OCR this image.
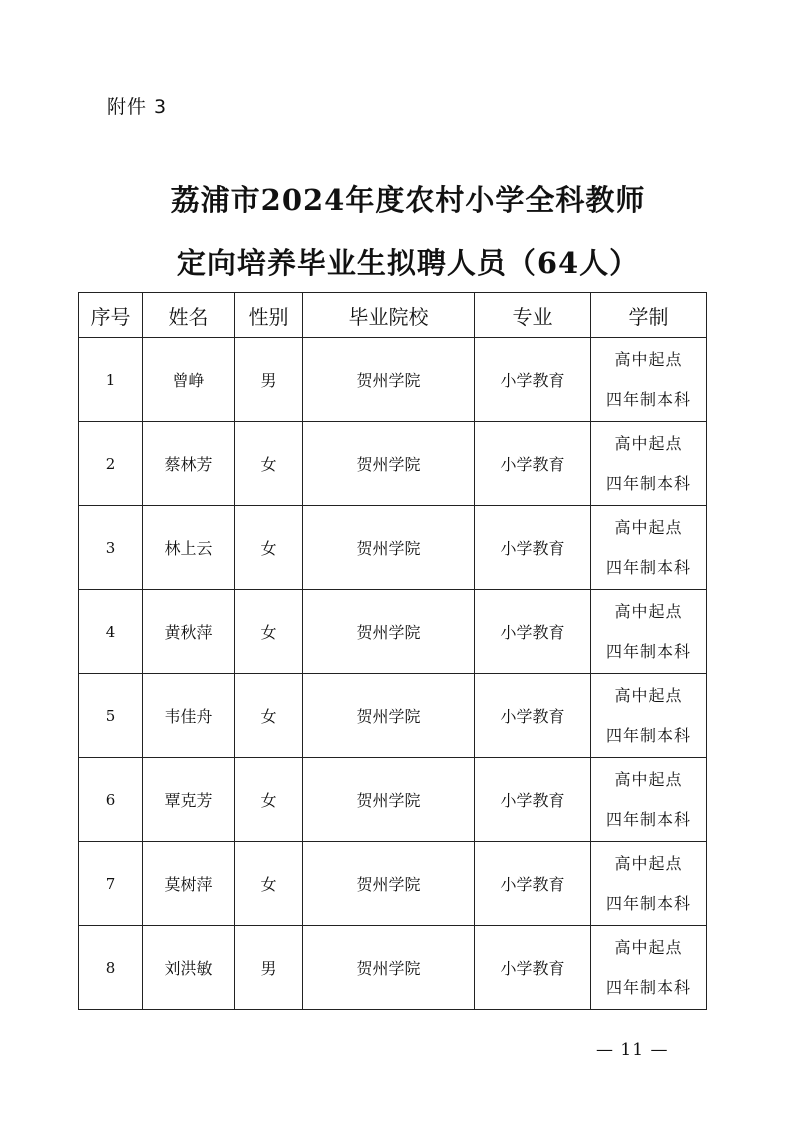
附件 3
荔浦市2024年度农村小学全科教师
定向培养毕业生拟聘人员（64人）
序号	姓名	性别	毕业院校	专业	学制
1	曾峥	男	贺州学院	小学教育	高中起点
四年制本科

2	蔡林芳	女	贺州学院	小学教育	高中起点
四年制本科

3	林上云	女	贺州学院	小学教育	高中起点
四年制本科

4	黄秋萍	女	贺州学院	小学教育	高中起点
四年制本科

5	韦佳舟	女	贺州学院	小学教育	高中起点
四年制本科

6	覃克芳	女	贺州学院	小学教育	高中起点
四年制本科

7	莫树萍	女	贺州学院	小学教育	高中起点
四年制本科

8	刘洪敏	男	贺州学院	小学教育	高中起点
四年制本科
— 11 —
